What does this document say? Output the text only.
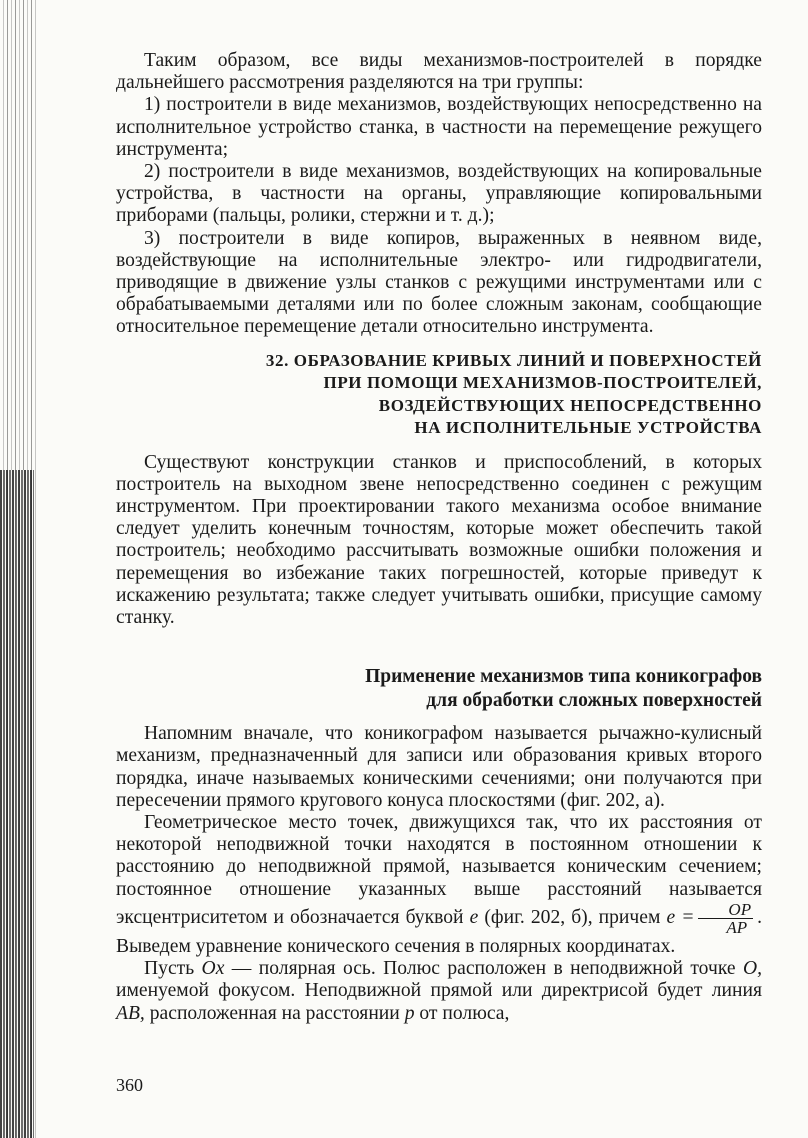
Таким образом, все виды механизмов-построителей в порядке дальнейшего рассмотрения разделяются на три группы:

1) построители в виде механизмов, воздействующих непосредственно на исполнительное устройство станка, в частности на перемещение режущего инструмента;

2) построители в виде механизмов, воздействующих на копировальные устройства, в частности на органы, управляющие копировальными приборами (пальцы, ролики, стержни и т. д.);

3) построители в виде копиров, выраженных в неявном виде, воздействующие на исполнительные электро- или гидродвигатели, приводящие в движение узлы станков с режущими инструментами или с обрабатываемыми деталями или по более сложным законам, сообщающие относительное перемещение детали относительно инструмента.

32. ОБРАЗОВАНИЕ КРИВЫХ ЛИНИЙ И ПОВЕРХНОСТЕЙ
ПРИ ПОМОЩИ МЕХАНИЗМОВ-ПОСТРОИТЕЛЕЙ,
ВОЗДЕЙСТВУЮЩИХ НЕПОСРЕДСТВЕННО
НА ИСПОЛНИТЕЛЬНЫЕ УСТРОЙСТВА

Существуют конструкции станков и приспособлений, в которых построитель на выходном звене непосредственно соединен с режущим инструментом. При проектировании такого механизма особое внимание следует уделить конечным точностям, которые может обеспечить такой построитель; необходимо рассчитывать возможные ошибки положения и перемещения во избежание таких погрешностей, которые приведут к искажению результата; также следует учитывать ошибки, присущие самому станку.

Применение механизмов типа коникографов
для обработки сложных поверхностей

Напомним вначале, что коникографом называется рычажно-кулисный механизм, предназначенный для записи или образования кривых второго порядка, иначе называемых коническими сечениями; они получаются при пересечении прямого кругового конуса плоскостями (фиг. 202, а).

Геометрическое место точек, движущихся так, что их расстояния от некоторой неподвижной точки находятся в постоянном отношении к расстоянию до неподвижной прямой, называется коническим сечением; постоянное отношение указанных выше расстояний называется эксцентриситетом и обозначается буквой e (фиг. 202, б), причем $e = \frac{OP}{AP}$ . Выведем уравнение конического сечения в полярных координатах.

Пусть Ox — полярная ось. Полюс расположен в неподвижной точке O, именуемой фокусом. Неподвижной прямой или директрисой будет линия AB, расположенная на расстоянии p от полюса,

360
